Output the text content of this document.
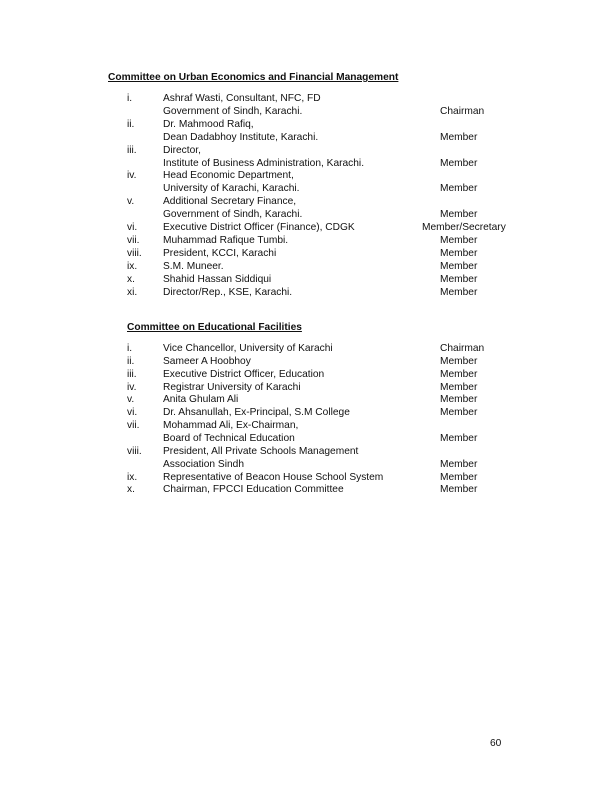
Committee on Urban Economics and Financial Management
i.	Ashraf Wasti, Consultant, NFC, FD
Government of Sindh, Karachi.	Chairman
ii.	Dr. Mahmood Rafiq,
Dean Dadabhoy Institute, Karachi.	Member
iii.	Director,
Institute of Business Administration, Karachi.	Member
iv.	Head Economic Department,
University of Karachi, Karachi.	Member
v.	Additional Secretary Finance,
Government of Sindh, Karachi.	Member
vi.	Executive District Officer (Finance), CDGK	Member/Secretary
vii. Muhammad Rafique Tumbi.	Member
viii. President, KCCI, Karachi	Member
ix.	S.M. Muneer.	Member
x.	Shahid Hassan Siddiqui	Member
xi.	Director/Rep., KSE, Karachi.	Member
Committee on Educational Facilities
i.	Vice Chancellor, University of Karachi	Chairman
ii.	Sameer A Hoobhoy	Member
iii.	Executive District Officer, Education	Member
iv.	Registrar University of Karachi	Member
v.	Anita Ghulam Ali	Member
vi.	Dr. Ahsanullah, Ex-Principal, S.M College	Member
vii. Mohammad Ali, Ex-Chairman,
Board of Technical Education	Member
viii. President, All Private Schools Management
Association Sindh	Member
ix.	Representative of Beacon House School System	Member
x.	Chairman, FPCCI Education Committee	Member
60
